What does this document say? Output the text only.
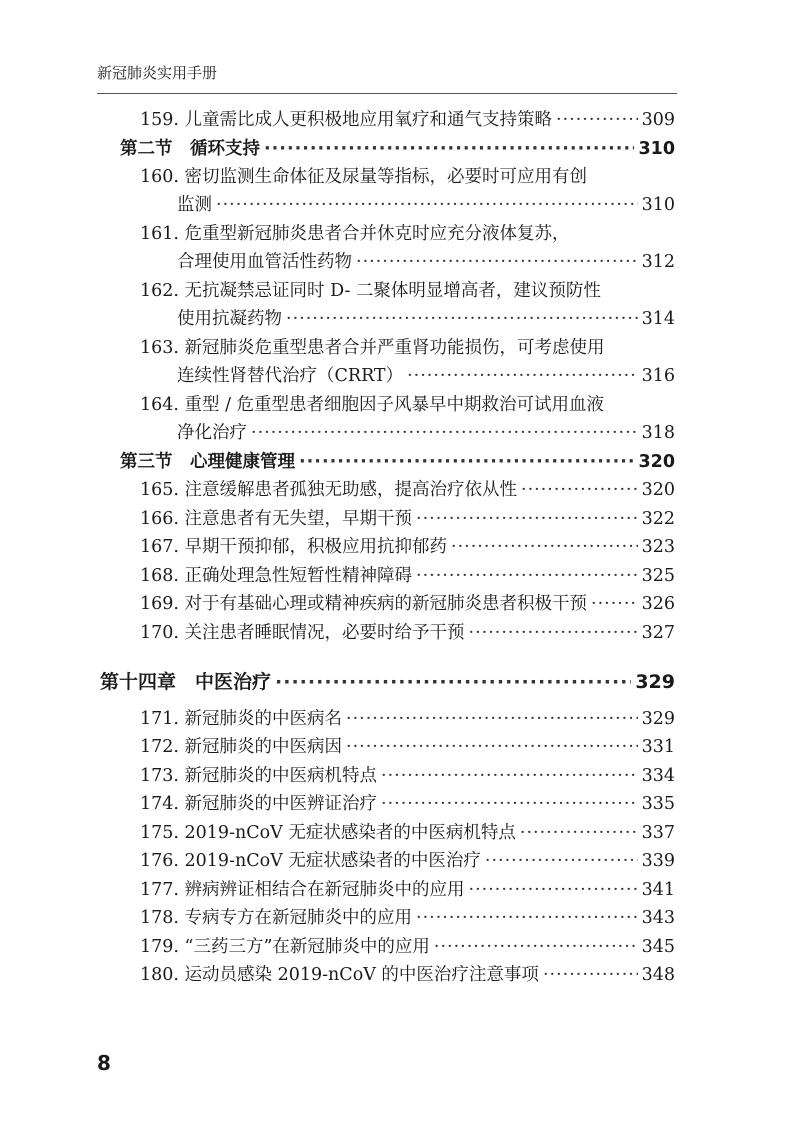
新冠肺炎实用手册
159. 儿童需比成人更积极地应用氧疗和通气支持策略 ·····	309
第二节　循环支持 ·····	310
160. 密切监测生命体征及尿量等指标，必要时可应用有创
监测 ·····	310
161. 危重型新冠肺炎患者合并休克时应充分液体复苏，
合理使用血管活性药物 ·····	312
162. 无抗凝禁忌证同时 D- 二聚体明显增高者，建议预防性
使用抗凝药物 ·····	314
163. 新冠肺炎危重型患者合并严重肾功能损伤，可考虑使用
连续性肾替代治疗（CRRT） ·····	316
164. 重型 / 危重型患者细胞因子风暴早中期救治可试用血液
净化治疗 ·····	318
第三节　心理健康管理 ·····	320
165. 注意缓解患者孤独无助感，提高治疗依从性 ·····	320
166. 注意患者有无失望，早期干预 ·····	322
167. 早期干预抑郁，积极应用抗抑郁药 ·····	323
168. 正确处理急性短暂性精神障碍 ·····	325
169. 对于有基础心理或精神疾病的新冠肺炎患者积极干预 ·····	326
170. 关注患者睡眠情况，必要时给予干预 ·····	327
第十四章　中医治疗 ·····	329
171. 新冠肺炎的中医病名 ·····	329
172. 新冠肺炎的中医病因 ·····	331
173. 新冠肺炎的中医病机特点 ·····	334
174. 新冠肺炎的中医辨证治疗 ·····	335
175. 2019-nCoV 无症状感染者的中医病机特点 ·····	337
176. 2019-nCoV 无症状感染者的中医治疗 ·····	339
177. 辨病辨证相结合在新冠肺炎中的应用 ·····	341
178. 专病专方在新冠肺炎中的应用 ·····	343
179. “三药三方”在新冠肺炎中的应用 ·····	345
180. 运动员感染 2019-nCoV 的中医治疗注意事项 ·····	348
8
